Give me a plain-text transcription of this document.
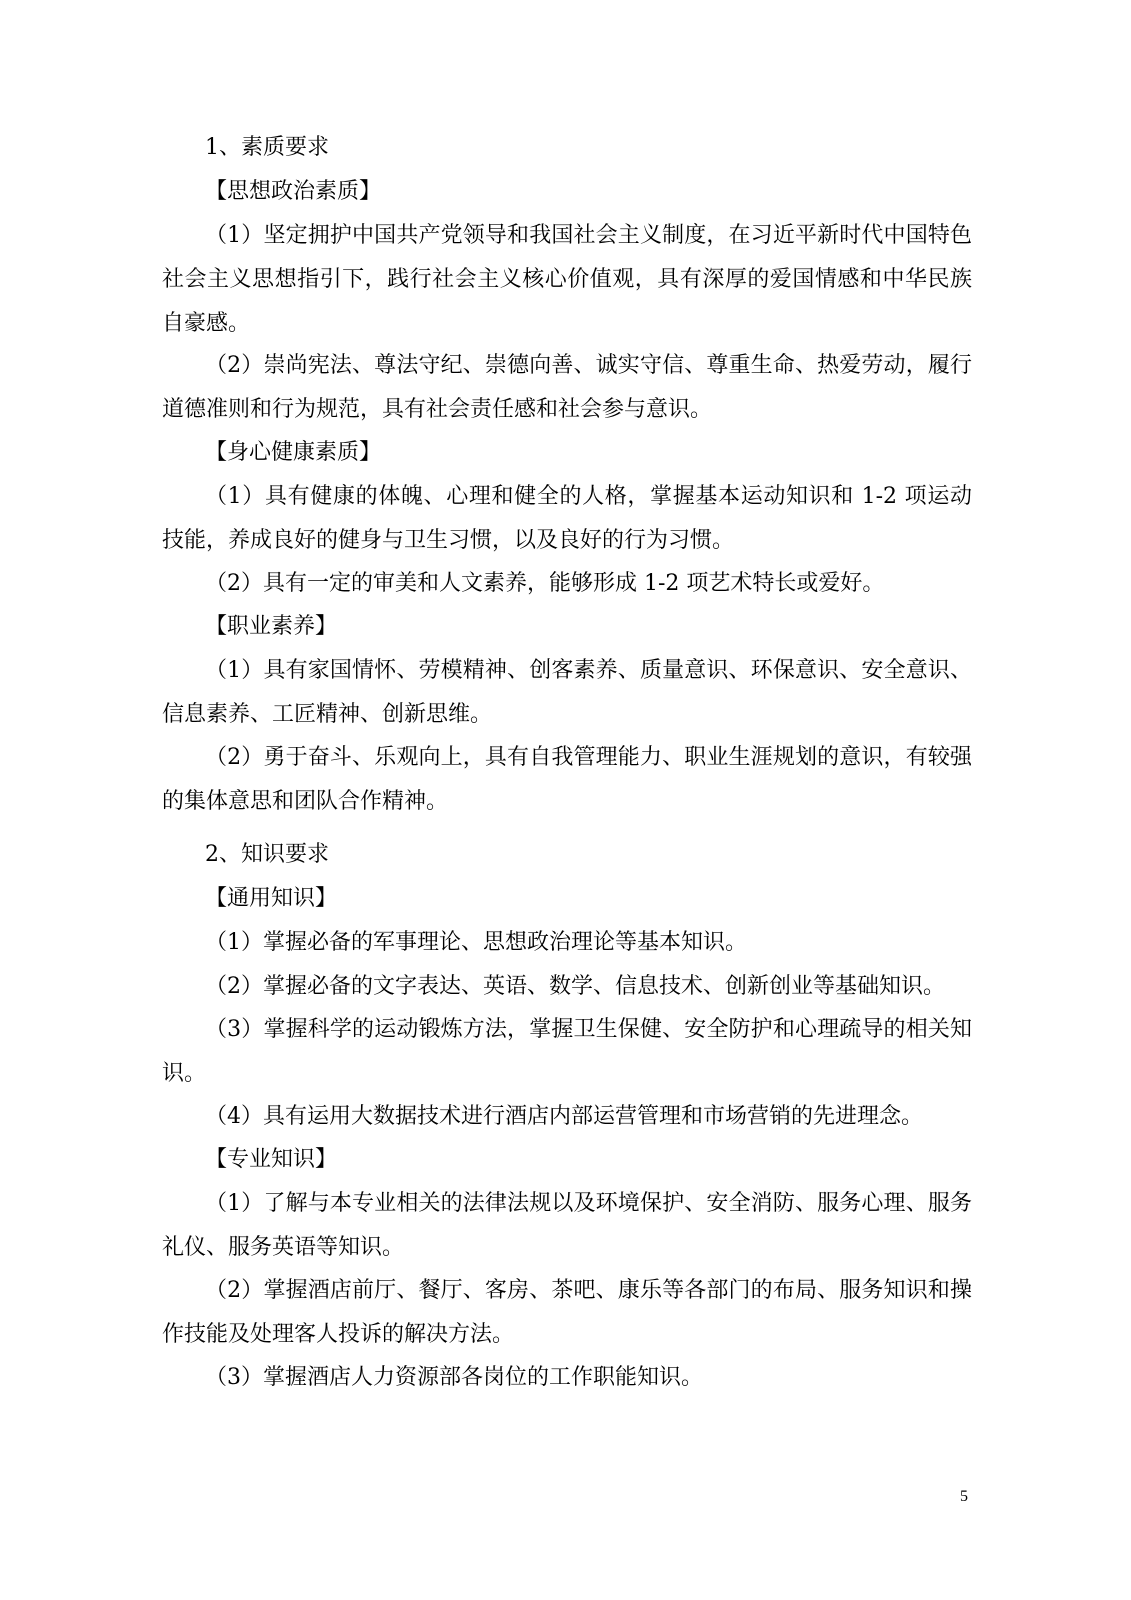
1、素质要求
【思想政治素质】
（1）坚定拥护中国共产党领导和我国社会主义制度，在习近平新时代中国特色社会主义思想指引下，践行社会主义核心价值观，具有深厚的爱国情感和中华民族自豪感。
（2）崇尚宪法、尊法守纪、崇德向善、诚实守信、尊重生命、热爱劳动，履行道德准则和行为规范，具有社会责任感和社会参与意识。
【身心健康素质】
（1）具有健康的体魄、心理和健全的人格，掌握基本运动知识和 1-2 项运动技能，养成良好的健身与卫生习惯，以及良好的行为习惯。
（2）具有一定的审美和人文素养，能够形成 1-2 项艺术特长或爱好。
【职业素养】
（1）具有家国情怀、劳模精神、创客素养、质量意识、环保意识、安全意识、信息素养、工匠精神、创新思维。
（2）勇于奋斗、乐观向上，具有自我管理能力、职业生涯规划的意识，有较强的集体意思和团队合作精神。
2、知识要求
【通用知识】
（1）掌握必备的军事理论、思想政治理论等基本知识。
（2）掌握必备的文字表达、英语、数学、信息技术、创新创业等基础知识。
（3）掌握科学的运动锻炼方法，掌握卫生保健、安全防护和心理疏导的相关知识。
（4）具有运用大数据技术进行酒店内部运营管理和市场营销的先进理念。
【专业知识】
（1）了解与本专业相关的法律法规以及环境保护、安全消防、服务心理、服务礼仪、服务英语等知识。
（2）掌握酒店前厅、餐厅、客房、茶吧、康乐等各部门的布局、服务知识和操作技能及处理客人投诉的解决方法。
（3）掌握酒店人力资源部各岗位的工作职能知识。
5
